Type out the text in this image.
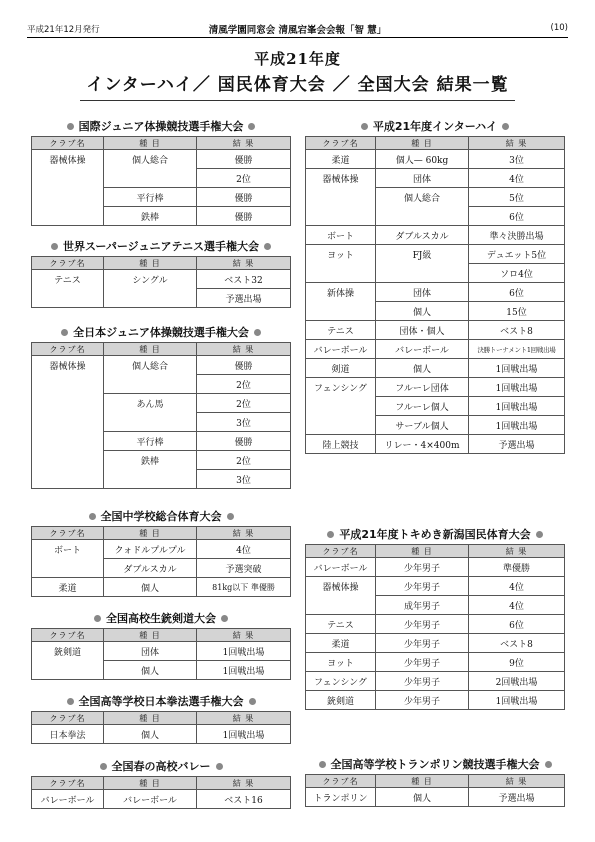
平成21年12月発行	清風学園同窓会 清風宕峯会会報「智 慧」	(10)
平成21年度
インターハイ／ 国民体育大会 ／ 全国大会 結果一覧
国際ジュニア体操競技選手権大会
クラブ名	種 目	結 果
器械体操	個人総合	優勝
		2位
	平行棒	優勝
	鉄棒	優勝
世界スーパージュニアテニス選手権大会
クラブ名	種 目	結 果
テニス	シングル	ベスト32
		予選出場
全日本ジュニア体操競技選手権大会
クラブ名	種 目	結 果
器械体操	個人総合	優勝
		2位
	あん馬	2位
		3位
	平行棒	優勝
	鉄棒	2位
		3位
全国中学校総合体育大会
クラブ名	種 目	結 果
ボート	クォドルプルプル	4位
	ダブルスカル	予選突破
柔道	個人	81kg以下 準優勝
全国高校生銃剣道大会
クラブ名	種 目	結 果
銃剣道	団体	1回戦出場
	個人	1回戦出場
全国高等学校日本拳法選手権大会
クラブ名	種 目	結 果
日本拳法	個人	1回戦出場
全国春の高校バレー
クラブ名	種 目	結 果
バレーボール	バレーボール	ベスト16
平成21年度インターハイ
クラブ名	種 目	結 果
柔道	個人— 60kg	3位
器械体操	団体	4位
	個人総合	5位
		6位
ボート	ダブルスカル	準々決勝出場
ヨット	FJ級	デュエット5位
		ソロ4位
新体操	団体	6位
	個人	15位
テニス	団体・個人	ベスト8
バレーボール	バレーボール	決勝トーナメント1回戦出場
剣道	個人	1回戦出場
フェンシング	フルーレ団体	1回戦出場
	フルーレ個人	1回戦出場
	サーブル個人	1回戦出場
陸上競技	リレー・4×400m	予選出場
平成21年度トキめき新潟国民体育大会
クラブ名	種 目	結 果
バレーボール	少年男子	準優勝
器械体操	少年男子	4位
	成年男子	4位
テニス	少年男子	6位
柔道	少年男子	ベスト8
ヨット	少年男子	9位
フェンシング	少年男子	2回戦出場
銃剣道	少年男子	1回戦出場
全国高等学校トランポリン競技選手権大会
クラブ名	種 目	結 果
トランポリン	個人	予選出場
